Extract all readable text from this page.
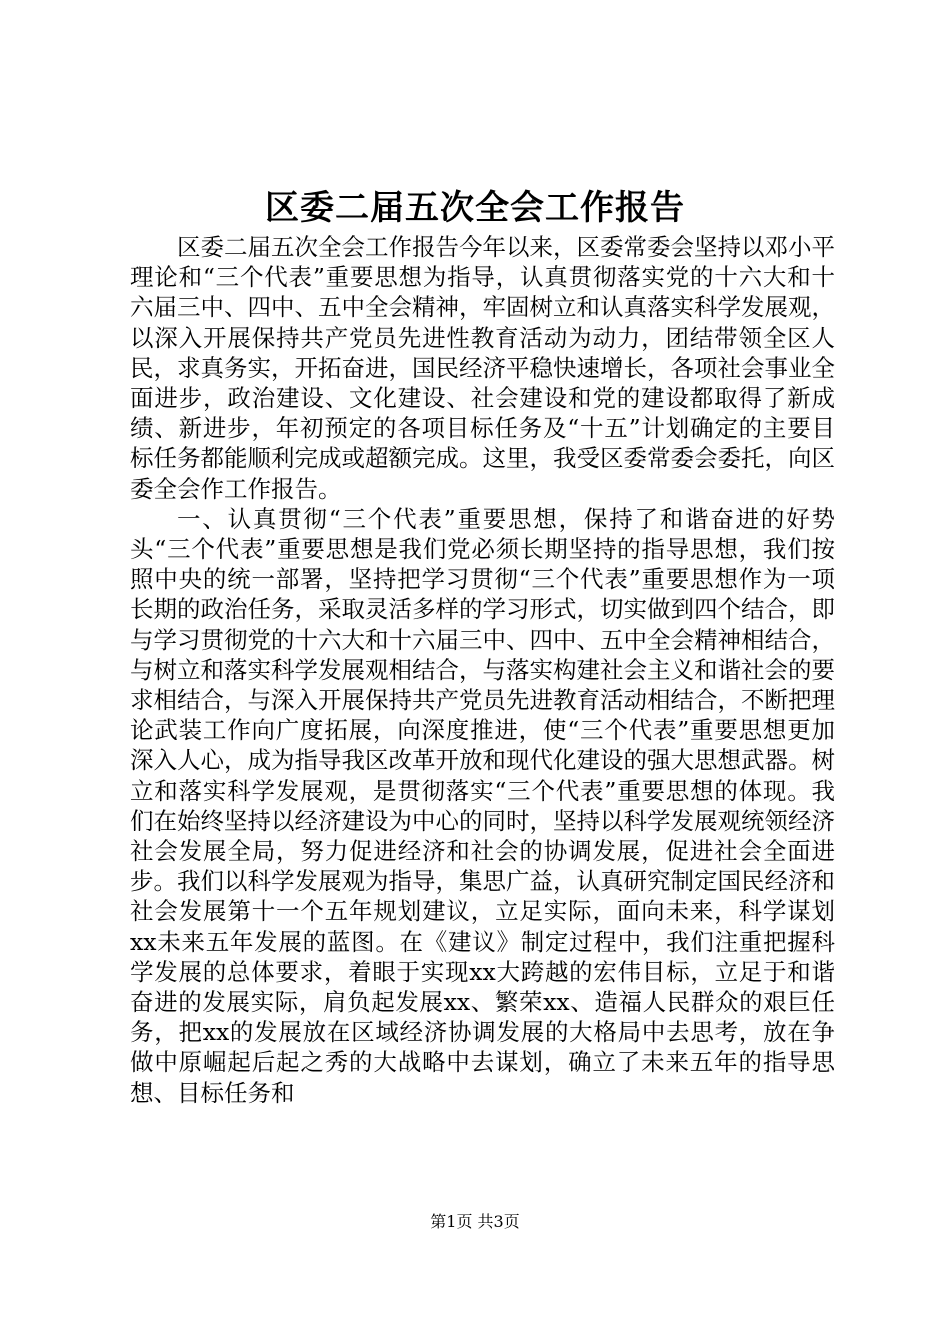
区委二届五次全会工作报告

区委二届五次全会工作报告今年以来，区委常委会坚持以邓小平理论和“三个代表”重要思想为指导，认真贯彻落实党的十六大和十六届三中、四中、五中全会精神，牢固树立和认真落实科学发展观，以深入开展保持共产党员先进性教育活动为动力，团结带领全区人民，求真务实，开拓奋进，国民经济平稳快速增长，各项社会事业全面进步，政治建设、文化建设、社会建设和党的建设都取得了新成绩、新进步，年初预定的各项目标任务及“十五”计划确定的主要目标任务都能顺利完成或超额完成。这里，我受区委常委会委托，向区委全会作工作报告。

一、认真贯彻“三个代表”重要思想，保持了和谐奋进的好势头“三个代表”重要思想是我们党必须长期坚持的指导思想，我们按照中央的统一部署，坚持把学习贯彻“三个代表”重要思想作为一项长期的政治任务，采取灵活多样的学习形式，切实做到四个结合，即与学习贯彻党的十六大和十六届三中、四中、五中全会精神相结合，与树立和落实科学发展观相结合，与落实构建社会主义和谐社会的要求相结合，与深入开展保持共产党员先进教育活动相结合，不断把理论武装工作向广度拓展，向深度推进，使“三个代表”重要思想更加深入人心，成为指导我区改革开放和现代化建设的强大思想武器。树立和落实科学发展观，是贯彻落实“三个代表”重要思想的体现。我们在始终坚持以经济建设为中心的同时，坚持以科学发展观统领经济社会发展全局，努力促进经济和社会的协调发展，促进社会全面进步。我们以科学发展观为指导，集思广益，认真研究制定国民经济和社会发展第十一个五年规划建议，立足实际，面向未来，科学谋划xx未来五年发展的蓝图。在《建议》制定过程中，我们注重把握科学发展的总体要求，着眼于实现xx大跨越的宏伟目标，立足于和谐奋进的发展实际，肩负起发展xx、繁荣xx、造福人民群众的艰巨任务，把xx的发展放在区域经济协调发展的大格局中去思考，放在争做中原崛起后起之秀的大战略中去谋划，确立了未来五年的指导思想、目标任务和

第1页 共3页
